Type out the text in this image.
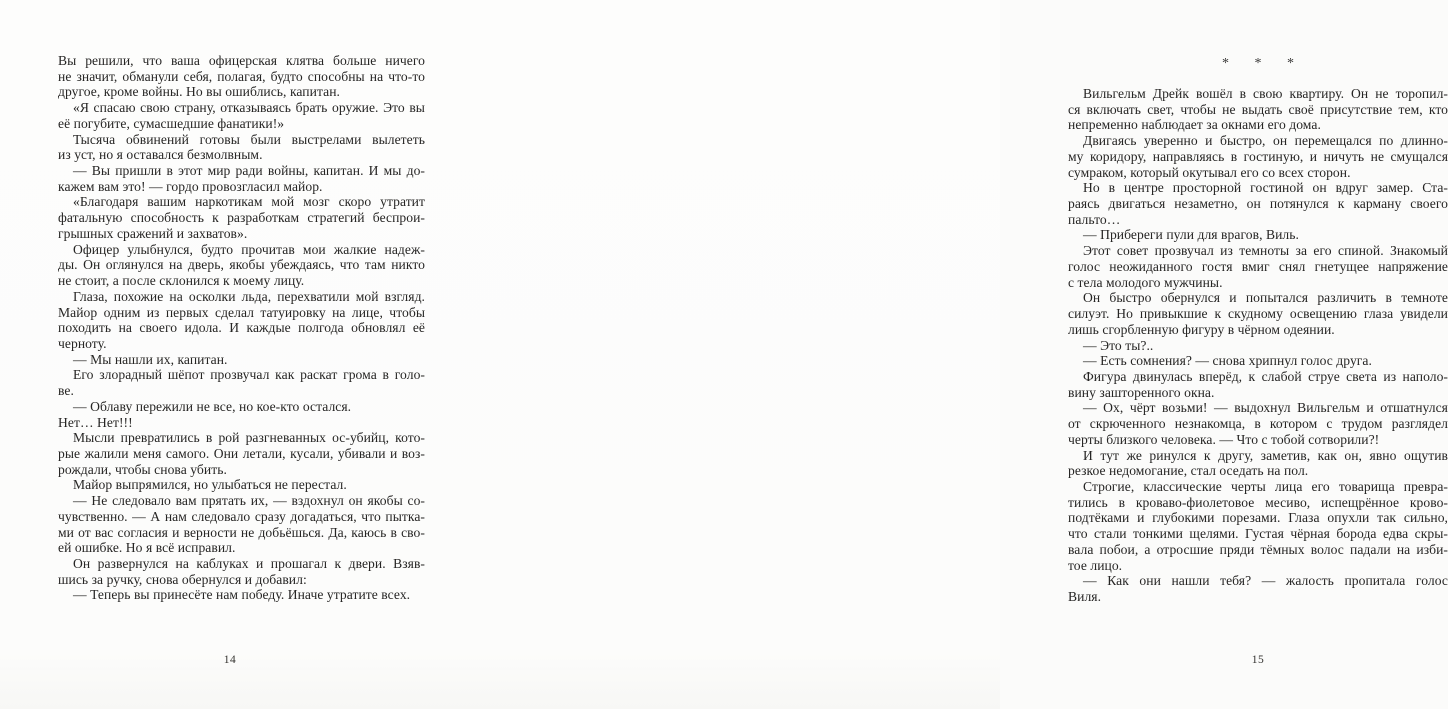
Вы решили, что ваша офицерская клятва больше ничего
не значит, обманули себя, полагая, будто способны на что-то
другое, кроме войны. Но вы ошиблись, капитан.
«Я спасаю свою страну, отказываясь брать оружие. Это вы
её погубите, сумасшедшие фанатики!»
Тысяча обвинений готовы были выстрелами вылететь
из уст, но я оставался безмолвным.
— Вы пришли в этот мир ради войны, капитан. И мы до-
кажем вам это! — гордо провозгласил майор.
«Благодаря вашим наркотикам мой мозг скоро утратит
фатальную способность к разработкам стратегий беспрои-
грышных сражений и захватов».
Офицер улыбнулся, будто прочитав мои жалкие надеж-
ды. Он оглянулся на дверь, якобы убеждаясь, что там никто
не стоит, а после склонился к моему лицу.
Глаза, похожие на осколки льда, перехватили мой взгляд.
Майор одним из первых сделал татуировку на лице, чтобы
походить на своего идола. И каждые полгода обновлял её
черноту.
— Мы нашли их, капитан.
Его злорадный шёпот прозвучал как раскат грома в голо-
ве.
— Облаву пережили не все, но кое-кто остался.
Нет… Нет!!!
Мысли превратились в рой разгневанных ос-убийц, кото-
рые жалили меня самого. Они летали, кусали, убивали и воз-
рождали, чтобы снова убить.
Майор выпрямился, но улыбаться не перестал.
— Не следовало вам прятать их, — вздохнул он якобы со-
чувственно. — А нам следовало сразу догадаться, что пытка-
ми от вас согласия и верности не добьёшься. Да, каюсь в сво-
ей ошибке. Но я всё исправил.
Он развернулся на каблуках и прошагал к двери. Взяв-
шись за ручку, снова обернулся и добавил:
— Теперь вы принесёте нам победу. Иначе утратите всех.
14
* * *
Вильгельм Дрейк вошёл в свою квартиру. Он не торопил-
ся включать свет, чтобы не выдать своё присутствие тем, кто
непременно наблюдает за окнами его дома.
Двигаясь уверенно и быстро, он перемещался по длинно-
му коридору, направляясь в гостиную, и ничуть не смущался
сумраком, который окутывал его со всех сторон.
Но в центре просторной гостиной он вдруг замер. Ста-
раясь двигаться незаметно, он потянулся к карману своего
пальто…
— Прибереги пули для врагов, Виль.
Этот совет прозвучал из темноты за его спиной. Знакомый
голос неожиданного гостя вмиг снял гнетущее напряжение
с тела молодого мужчины.
Он быстро обернулся и попытался различить в темноте
силуэт. Но привыкшие к скудному освещению глаза увидели
лишь сгорбленную фигуру в чёрном одеянии.
— Это ты?..
— Есть сомнения? — снова хрипнул голос друга.
Фигура двинулась вперёд, к слабой струе света из наполо-
вину зашторенного окна.
— Ох, чёрт возьми! — выдохнул Вильгельм и отшатнулся
от скрюченного незнакомца, в котором с трудом разглядел
черты близкого человека. — Что с тобой сотворили?!
И тут же ринулся к другу, заметив, как он, явно ощутив
резкое недомогание, стал оседать на пол.
Строгие, классические черты лица его товарища превра-
тились в кроваво-фиолетовое месиво, испещрённое крово-
подтёками и глубокими порезами. Глаза опухли так сильно,
что стали тонкими щелями. Густая чёрная борода едва скры-
вала побои, а отросшие пряди тёмных волос падали на изби-
тое лицо.
— Как они нашли тебя? — жалость пропитала голос
Виля.
15
